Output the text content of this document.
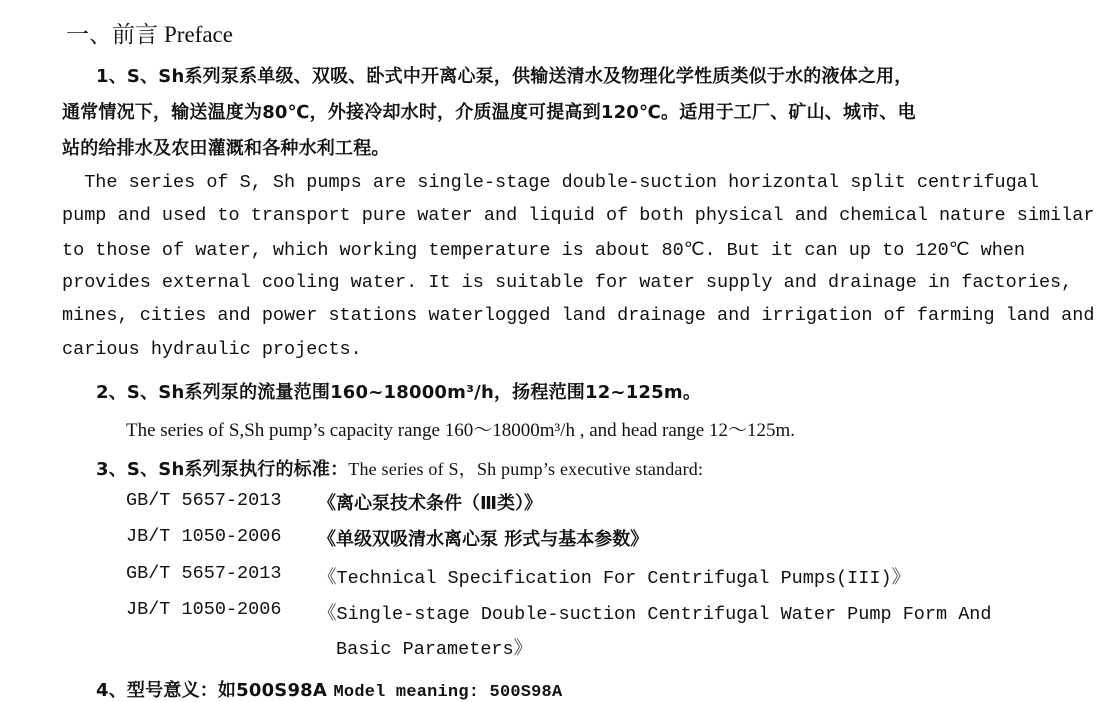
一、前言 Preface
1、S、Sh系列泵系单级、双吸、卧式中开离心泵，供输送清水及物理化学性质类似于水的液体之用，
通常情况下，输送温度为80℃，外接冷却水时，介质温度可提高到120℃。适用于工厂、矿山、城市、电
站的给排水及农田灌溉和各种水利工程。
The series of S, Sh pumps are single-stage double-suction horizontal split centrifugal
pump and used to transport pure water and liquid of both physical and chemical nature similar
to those of water, which working temperature is about 80℃. But it can up to 120℃ when
provides external cooling water. It is suitable for water supply and drainage in factories,
mines, cities and power stations waterlogged land drainage and irrigation of farming land and
carious hydraulic projects.
2、S、Sh系列泵的流量范围160~18000m³/h，扬程范围12~125m。
The series of S,Sh pump’s capacity range 160～18000m³/h , and head range 12～125m.
3、S、Sh系列泵执行的标准：The series of S，Sh pump’s executive standard:
GB/T 5657-2013 《离心泵技术条件（Ⅲ类）》
JB/T 1050-2006 《单级双吸清水离心泵 形式与基本参数》
GB/T 5657-2013 《Technical Specification For Centrifugal Pumps(III)》
JB/T 1050-2006 《Single-stage Double-suction Centrifugal Water Pump Form And
Basic Parameters》
4、型号意义：如500S98A Model meaning: 500S98A
